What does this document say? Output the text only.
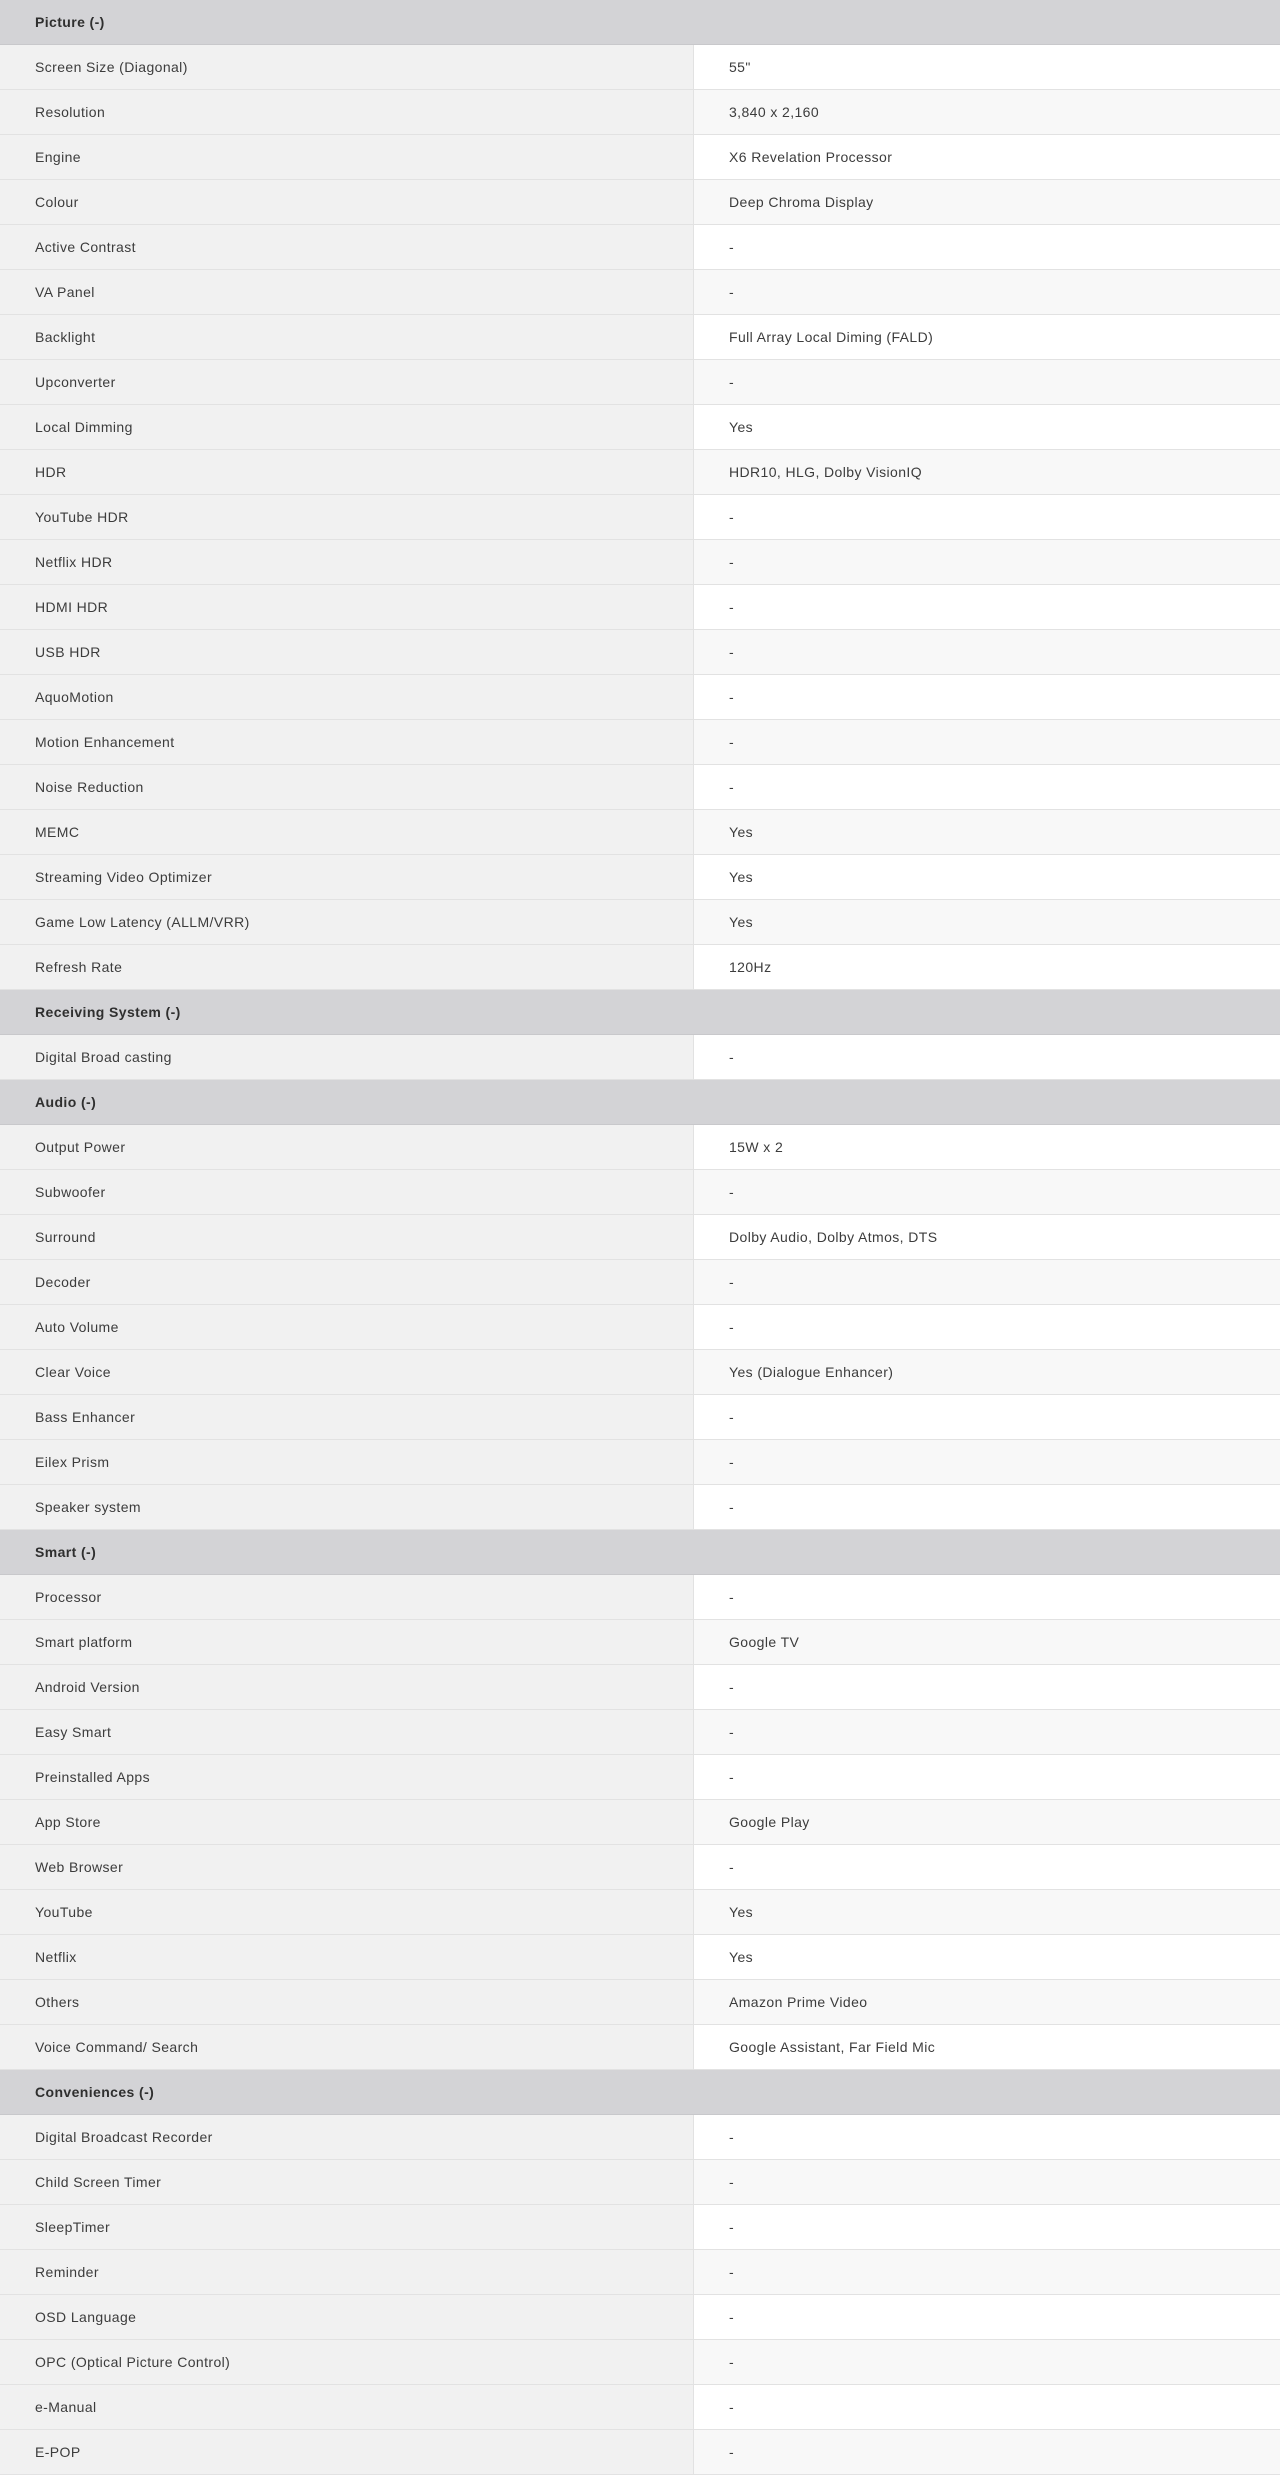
Picture (-)
Screen Size (Diagonal)	55"
Resolution	3,840 x 2,160
Engine	X6 Revelation Processor
Colour	Deep Chroma Display
Active Contrast	-
VA Panel	-
Backlight	Full Array Local Diming (FALD)
Upconverter	-
Local Dimming	Yes
HDR	HDR10, HLG, Dolby VisionIQ
YouTube HDR	-
Netflix HDR	-
HDMI HDR	-
USB HDR	-
AquoMotion	-
Motion Enhancement	-
Noise Reduction	-
MEMC	Yes
Streaming Video Optimizer	Yes
Game Low Latency (ALLM/VRR)	Yes
Refresh Rate	120Hz
Receiving System (-)
Digital Broad casting	-
Audio (-)
Output Power	15W x 2
Subwoofer	-
Surround	Dolby Audio, Dolby Atmos, DTS
Decoder	-
Auto Volume	-
Clear Voice	Yes (Dialogue Enhancer)
Bass Enhancer	-
Eilex Prism	-
Speaker system	-
Smart (-)
Processor	-
Smart platform	Google TV
Android Version	-
Easy Smart	-
Preinstalled Apps	-
App Store	Google Play
Web Browser	-
YouTube	Yes
Netflix	Yes
Others	Amazon Prime Video
Voice Command/ Search	Google Assistant, Far Field Mic
Conveniences (-)
Digital Broadcast Recorder	-
Child Screen Timer	-
SleepTimer	-
Reminder	-
OSD Language	-
OPC (Optical Picture Control)	-
e-Manual	-
E-POP	-
